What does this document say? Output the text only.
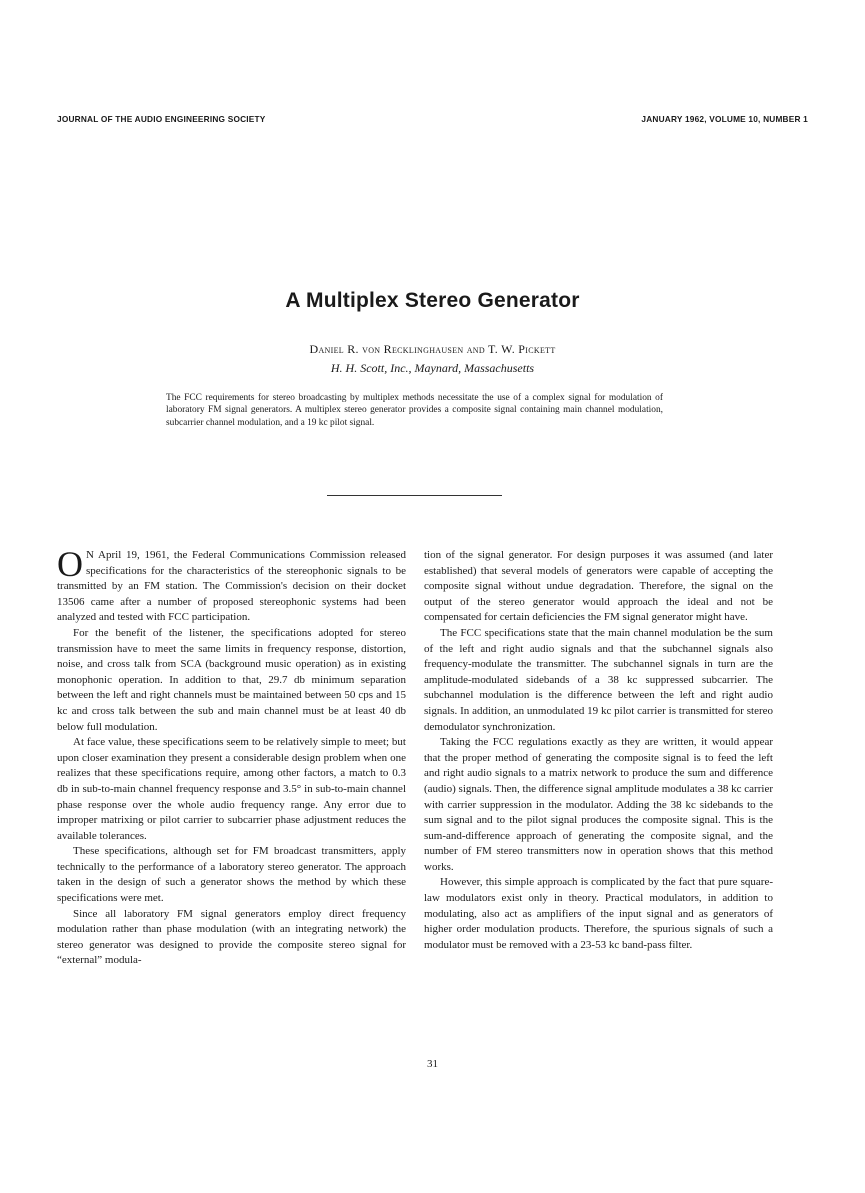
JOURNAL OF THE AUDIO ENGINEERING SOCIETY	JANUARY 1962, VOLUME 10, NUMBER 1
A Multiplex Stereo Generator
Daniel R. von Recklinghausen and T. W. Pickett
H. H. Scott, Inc., Maynard, Massachusetts
The FCC requirements for stereo broadcasting by multiplex methods necessitate the use of a complex signal for modulation of laboratory FM signal generators. A multiplex stereo generator provides a composite signal containing main channel modulation, subcarrier channel modulation, and a 19 kc pilot signal.

O N April 19, 1961, the Federal Communications Commission released specifications for the characteristics of the stereophonic signals to be transmitted by an FM station. The Commission's decision on their docket 13506 came after a number of proposed stereophonic systems had been analyzed and tested with FCC participation.

For the benefit of the listener, the specifications adopted for stereo transmission have to meet the same limits in frequency response, distortion, noise, and cross talk from SCA (background music operation) as in existing monophonic operation. In addition to that, 29.7 db minimum separation between the left and right channels must be maintained between 50 cps and 15 kc and cross talk between the sub and main channel must be at least 40 db below full modulation.

At face value, these specifications seem to be relatively simple to meet; but upon closer examination they present a considerable design problem when one realizes that these specifications require, among other factors, a match to 0.3 db in sub-to-main channel frequency response and 3.5° in sub-to-main channel phase response over the whole audio frequency range. Any error due to improper matrixing or pilot carrier to subcarrier phase adjustment reduces the available tolerances.

These specifications, although set for FM broadcast transmitters, apply technically to the performance of a laboratory stereo generator. The approach taken in the design of such a generator shows the method by which these specifications were met.

Since all laboratory FM signal generators employ direct frequency modulation rather than phase modulation (with an integrating network) the stereo generator was designed to provide the composite stereo signal for “external” modula-

tion of the signal generator. For design purposes it was assumed (and later established) that several models of generators were capable of accepting the composite signal without undue degradation. Therefore, the signal on the output of the stereo generator would approach the ideal and not be compensated for certain deficiencies the FM signal generator might have.

The FCC specifications state that the main channel modulation be the sum of the left and right audio signals and that the subchannel signals also frequency-modulate the transmitter. The subchannel signals in turn are the amplitude-modulated sidebands of a 38 kc suppressed subcarrier. The subchannel modulation is the difference between the left and right audio signals. In addition, an unmodulated 19 kc pilot carrier is transmitted for stereo demodulator synchronization.

Taking the FCC regulations exactly as they are written, it would appear that the proper method of generating the composite signal is to feed the left and right audio signals to a matrix network to produce the sum and difference (audio) signals. Then, the difference signal amplitude modulates a 38 kc carrier with carrier suppression in the modulator. Adding the 38 kc sidebands to the sum signal and to the pilot signal produces the composite signal. This is the sum-and-difference approach of generating the composite signal, and the number of FM stereo transmitters now in operation shows that this method works.

However, this simple approach is complicated by the fact that pure square-law modulators exist only in theory. Practical modulators, in addition to modulating, also act as amplifiers of the input signal and as generators of higher order modulation products. Therefore, the spurious signals of such a modulator must be removed with a 23-53 kc band-pass filter.

31
